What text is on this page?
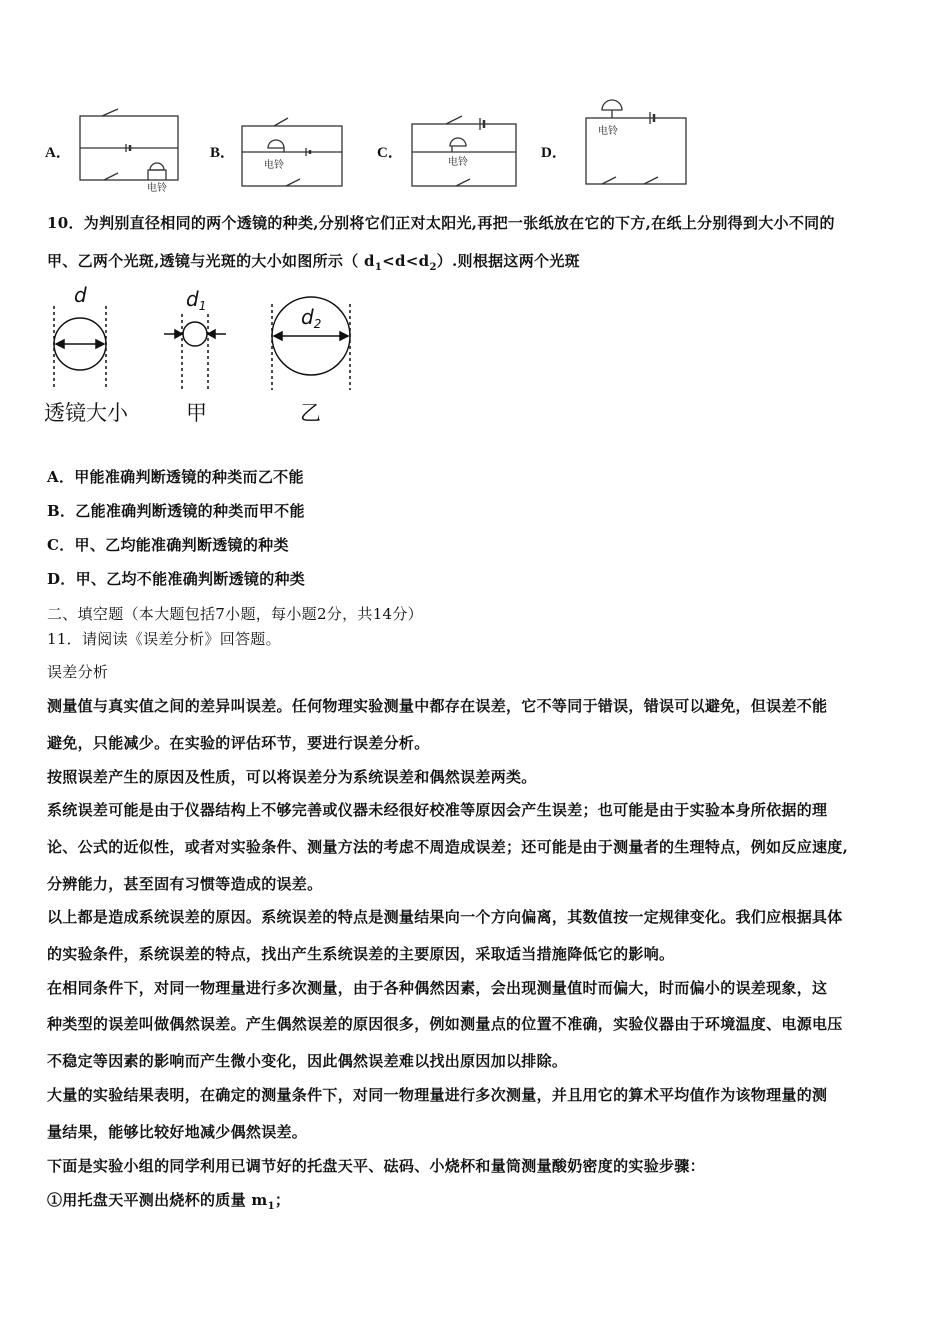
A．
电铃
B．
电铃
C．
电铃
D．
电铃
10．为判别直径相同的两个透镜的种类,分别将它们正对太阳光,再把一张纸放在它的下方,在纸上分别得到大小不同的
甲、乙两个光斑,透镜与光斑的大小如图所示（ $d_1<d<d_2$）.则根据这两个光斑
d	$d_1$	$d_2$
透镜大小	甲	乙
A．甲能准确判断透镜的种类而乙不能
B．乙能准确判断透镜的种类而甲不能
C．甲、乙均能准确判断透镜的种类
D．甲、乙均不能准确判断透镜的种类
二、填空题（本大题包括7小题，每小题2分，共14分）
11．请阅读《误差分析》回答题。
误差分析
测量值与真实值之间的差异叫误差。任何物理实验测量中都存在误差，它不等同于错误，错误可以避免，但误差不能
避免，只能减少。在实验的评估环节，要进行误差分析。
按照误差产生的原因及性质，可以将误差分为系统误差和偶然误差两类。
系统误差可能是由于仪器结构上不够完善或仪器未经很好校准等原因会产生误差；也可能是由于实验本身所依据的理
论、公式的近似性，或者对实验条件、测量方法的考虑不周造成误差；还可能是由于测量者的生理特点，例如反应速度,
分辨能力，甚至固有习惯等造成的误差。
以上都是造成系统误差的原因。系统误差的特点是测量结果向一个方向偏离，其数值按一定规律变化。我们应根据具体
的实验条件，系统误差的特点，找出产生系统误差的主要原因，采取适当措施降低它的影响。
在相同条件下，对同一物理量进行多次测量，由于各种偶然因素，会出现测量值时而偏大，时而偏小的误差现象，这
种类型的误差叫做偶然误差。产生偶然误差的原因很多，例如测量点的位置不准确，实验仪器由于环境温度、电源电压
不稳定等因素的影响而产生微小变化，因此偶然误差难以找出原因加以排除。
大量的实验结果表明，在确定的测量条件下，对同一物理量进行多次测量，并且用它的算术平均值作为该物理量的测
量结果，能够比较好地减少偶然误差。
下面是实验小组的同学利用已调节好的托盘天平、砝码、小烧杯和量筒测量酸奶密度的实验步骤：
①用托盘天平测出烧杯的质量 $m_1$；
